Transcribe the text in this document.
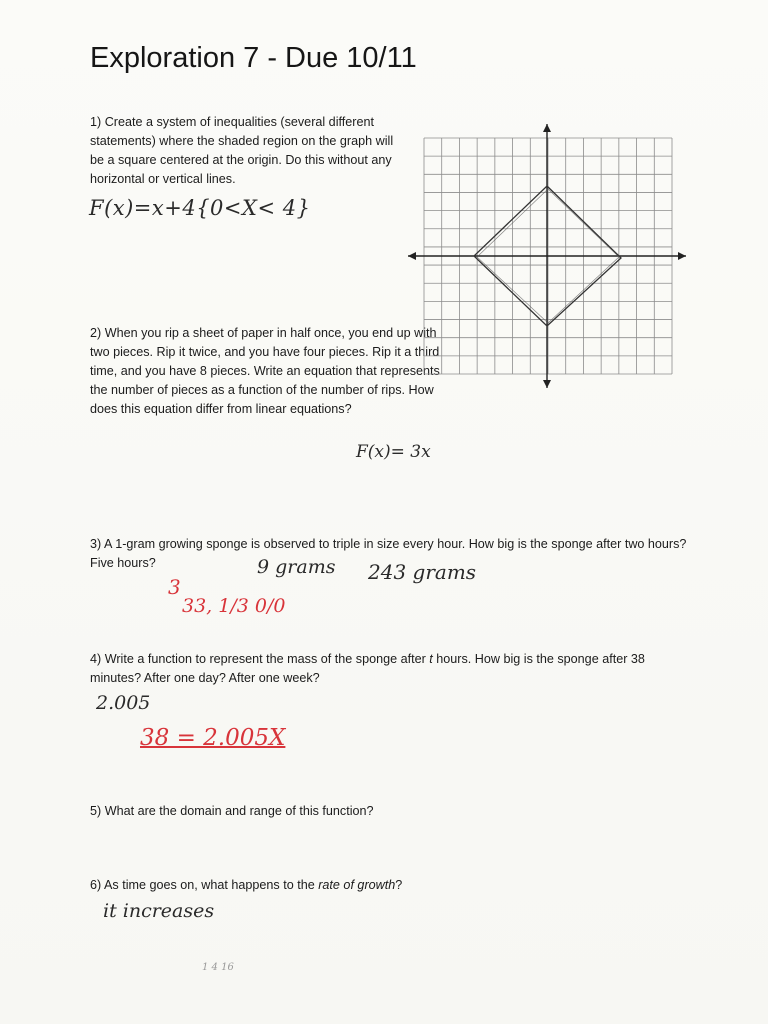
Exploration 7 - Due 10/11
1) Create a system of inequalities (several different statements) where the shaded region on the graph will be a square centered at the origin. Do this without any horizontal or vertical lines.
F(x)=x+4{0<X< 4}
2) When you rip a sheet of paper in half once, you end up with two pieces. Rip it twice, and you have four pieces. Rip it a third time, and you have 8 pieces. Write an equation that represents the number of pieces as a function of the number of rips. How does this equation differ from linear equations?
F(x)= 3x
3) A 1-gram growing sponge is observed to triple in size every hour. How big is the sponge after two hours? Five hours?	9 grams 243 grams
3
33, 1/3 0/0
4) Write a function to represent the mass of the sponge after t hours. How big is the sponge after 38 minutes? After one day? After one week?
2.005
38 = 2.005X
5) What are the domain and range of this function?
6) As time goes on, what happens to the rate of growth?
it increases
1 4 16
